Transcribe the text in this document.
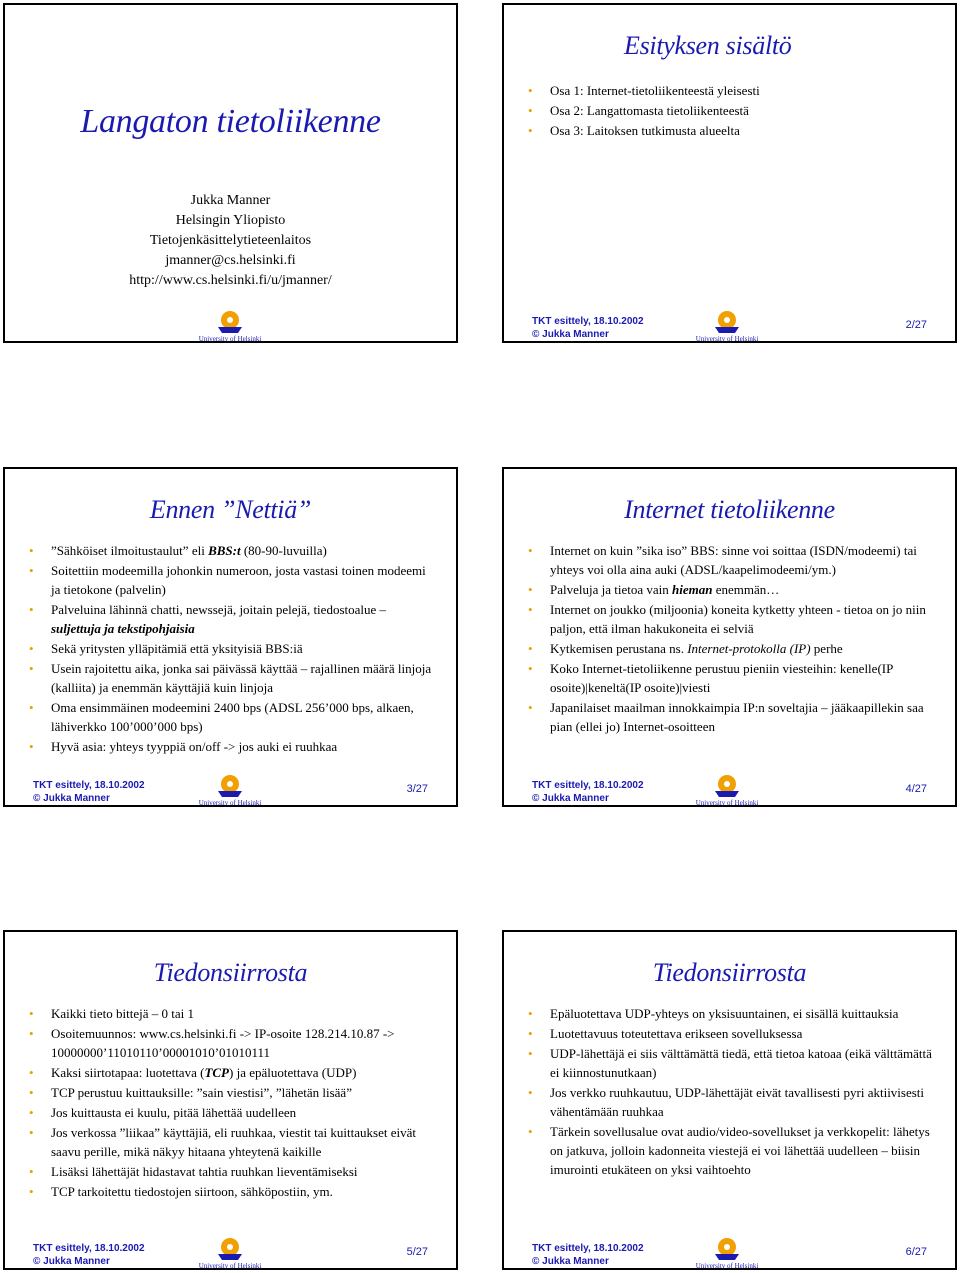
Langaton tietoliikenne
Jukka Manner
Helsingin Yliopisto
Tietojenkäsittelytieteenlaitos
jmanner@cs.helsinki.fi
http://www.cs.helsinki.fi/u/jmanner/
University of Helsinki
Esityksen sisältö
• Osa 1: Internet-tietoliikenteestä yleisesti
• Osa 2: Langattomasta tietoliikenteestä
• Osa 3: Laitoksen tutkimusta alueelta
TKT esittely, 18.10.2002
© Jukka Manner	University of Helsinki
2/27
Ennen ”Nettiä”
• ”Sähköiset ilmoitustaulut” eli BBS:t (80-90-luvuilla)
• Soitettiin modeemilla johonkin numeroon, josta vastasi toinen modeemi ja tietokone (palvelin)
• Palveluina lähinnä chatti, newssejä, joitain pelejä, tiedostoalue – suljettuja ja tekstipohjaisia
• Sekä yritysten ylläpitämiä että yksityisiä BBS:iä
• Usein rajoitettu aika, jonka sai päivässä käyttää – rajallinen määrä linjoja (kalliita) ja enemmän käyttäjiä kuin linjoja
• Oma ensimmäinen modeemini 2400 bps (ADSL 256’000 bps, alkaen, lähiverkko 100’000’000 bps)
• Hyvä asia: yhteys tyyppiä on/off -> jos auki ei ruuhkaa
TKT esittely, 18.10.2002
© Jukka Manner	University of Helsinki
3/27
Internet tietoliikenne
• Internet on kuin ”sika iso” BBS: sinne voi soittaa (ISDN/modeemi) tai yhteys voi olla aina auki (ADSL/kaapelimodeemi/ym.)
• Palveluja ja tietoa vain hieman enemmän…
• Internet on joukko (miljoonia) koneita kytketty yhteen - tietoa on jo niin paljon, että ilman hakukoneita ei selviä
• Kytkemisen perustana ns. Internet-protokolla (IP) perhe
• Koko Internet-tietoliikenne perustuu pieniin viesteihin: kenelle(IP osoite)|keneltä(IP osoite)|viesti
• Japanilaiset maailman innokkaimpia IP:n soveltajia – jääkaapillekin saa pian (ellei jo) Internet-osoitteen
TKT esittely, 18.10.2002
© Jukka Manner	University of Helsinki
4/27
Tiedonsiirrosta
• Kaikki tieto bittejä – 0 tai 1
• Osoitemuunnos: www.cs.helsinki.fi -> IP-osoite 128.214.10.87 -> 10000000’11010110’00001010’01010111
• Kaksi siirtotapaa: luotettava (TCP) ja epäluotettava (UDP)
• TCP perustuu kuittauksille: ”sain viestisi”, ”lähetän lisää”
• Jos kuittausta ei kuulu, pitää lähettää uudelleen
• Jos verkossa ”liikaa” käyttäjiä, eli ruuhkaa, viestit tai kuittaukset eivät saavu perille, mikä näkyy hitaana yhteytenä kaikille
• Lisäksi lähettäjät hidastavat tahtia ruuhkan lieventämiseksi
• TCP tarkoitettu tiedostojen siirtoon, sähköpostiin, ym.
TKT esittely, 18.10.2002
© Jukka Manner	University of Helsinki
5/27
Tiedonsiirrosta
• Epäluotettava UDP-yhteys on yksisuuntainen, ei sisällä kuittauksia
• Luotettavuus toteutettava erikseen sovelluksessa
• UDP-lähettäjä ei siis välttämättä tiedä, että tietoa katoaa (eikä välttämättä ei kiinnostunutkaan)
• Jos verkko ruuhkautuu, UDP-lähettäjät eivät tavallisesti pyri aktiivisesti vähentämään ruuhkaa
• Tärkein sovellusalue ovat audio/video-sovellukset ja verkkopelit: lähetys on jatkuva, jolloin kadonneita viestejä ei voi lähettää uudelleen – biisin imurointi etukäteen on yksi vaihtoehto
TKT esittely, 18.10.2002
© Jukka Manner	University of Helsinki
6/27
